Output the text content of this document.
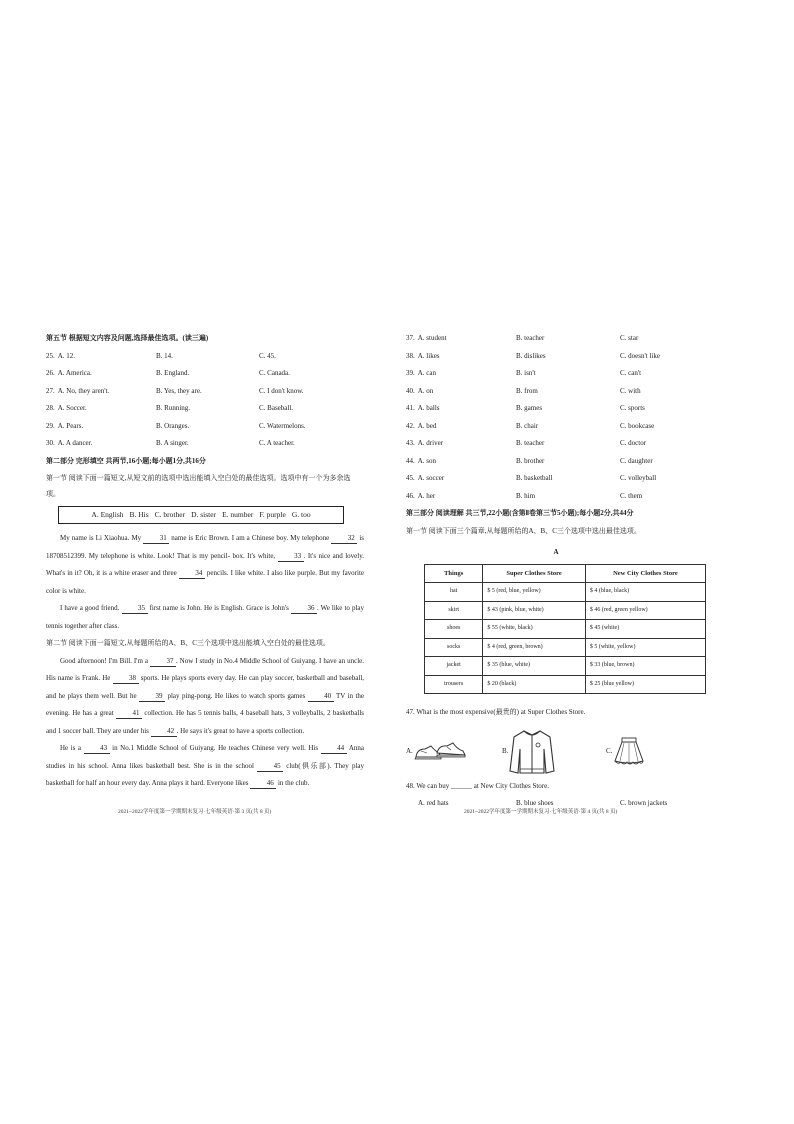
第五节 根据短文内容及问题,选择最佳选项。(读三遍)
25. A. 12.	B. 14.	C. 45.
26. A. America.	B. England.	C. Canada.
27. A. No, they aren't.	B. Yes, they are.	C. I don't know.
28. A. Soccer.	B. Running.	C. Baseball.
29. A. Pears.	B. Oranges.	C. Watermelons.
30. A. A dancer.	B. A singer.	C. A teacher.
第二部分 完形填空 共两节,16小题;每小题1分,共16分
第一节 阅读下面一篇短文,从短文前的选项中选出能填入空白处的最佳选项。选项中有一个为多余选项。
A. English B. His C. brother D. sister E. number F. purple G. too
My name is Li Xiaohua. My	31 name is Eric Brown. I am a Chinese boy. My telephone	32 is 18708512399. My telephone is white. Look! That is my pencil- box. It's white,	33 . It's nice and lovely. What's in it? Oh, it is a white eraser and three	34 pencils. I like white. I also like purple. But my favorite color is white.
I have a good friend.	35 first name is John. He is English. Grace is John's	36 . We like to play tennis together after class.
第二节 阅读下面一篇短文,从每题所给的A、B、C三个选项中选出能填入空白处的最佳选项。
Good afternoon! I'm Bill. I'm a	37 . Now I study in No.4 Middle School of Guiyang. I have an uncle. His name is Frank. He	38 sports. He plays sports every day. He can play soccer, basketball and baseball, and he plays them well. But he	39 play ping-pong. He likes to watch sports games	40 TV in the evening. He has a great	41 collection. He has 5 tennis balls, 4 baseball hats, 3 volleyballs, 2 basketballs and 1 soccer ball. They are under his	42 . He says it's great to have a sports collection.
He is a	43 in No.1 Middle School of Guiyang. He teaches Chinese very well. His	44 Anna studies in his school. Anna likes basketball best. She is in the school	45 club(俱乐部). They play basketball for half an hour every day. Anna plays it hard. Everyone likes	46 in the club.
2021~2022学年度第一学期期末复习·七年级英语·第 3 页(共 8 页)
37. A. student	B. teacher	C. star
38. A. likes	B. dislikes	C. doesn't like
39. A. can	B. isn't	C. can't
40. A. on	B. from	C. with
41. A. balls	B. games	C. sports
42. A. bed	B. chair	C. bookcase
43. A. driver	B. teacher	C. doctor
44. A. son	B. brother	C. daughter
45. A. soccer	B. basketball	C. volleyball
46. A. her	B. him	C. them
第三部分 阅读理解 共三节,22小题(含第Ⅱ卷第三节5小题);每小题2分,共44分
第一节 阅读下面三个篇章,从每题所给的A、B、C三个选项中选出最佳选项。
A
Things	Super Clothes Store	New City Clothes Store
hat	$ 5 (red, blue, yellow)	$ 4 (blue, black)
skirt	$ 43 (pink, blue, white)	$ 46 (red, green yellow)
shoes	$ 55 (white, black)	$ 45 (white)
socks	$ 4 (red, green, brown)	$ 5 (white, yellow)
jacket	$ 35 (blue, white)	$ 33 (blue, brown)
trousers	$ 20 (black)	$ 25 (blue yellow)
47. What is the most expensive(最贵的) at Super Clothes Store.
A.	B.	C.
48. We can buy ______ at New City Clothes Store.
A. red hats	B. blue shoes	C. brown jackets
2021~2022学年度第一学期期末复习·七年级英语·第 4 页(共 8 页)
